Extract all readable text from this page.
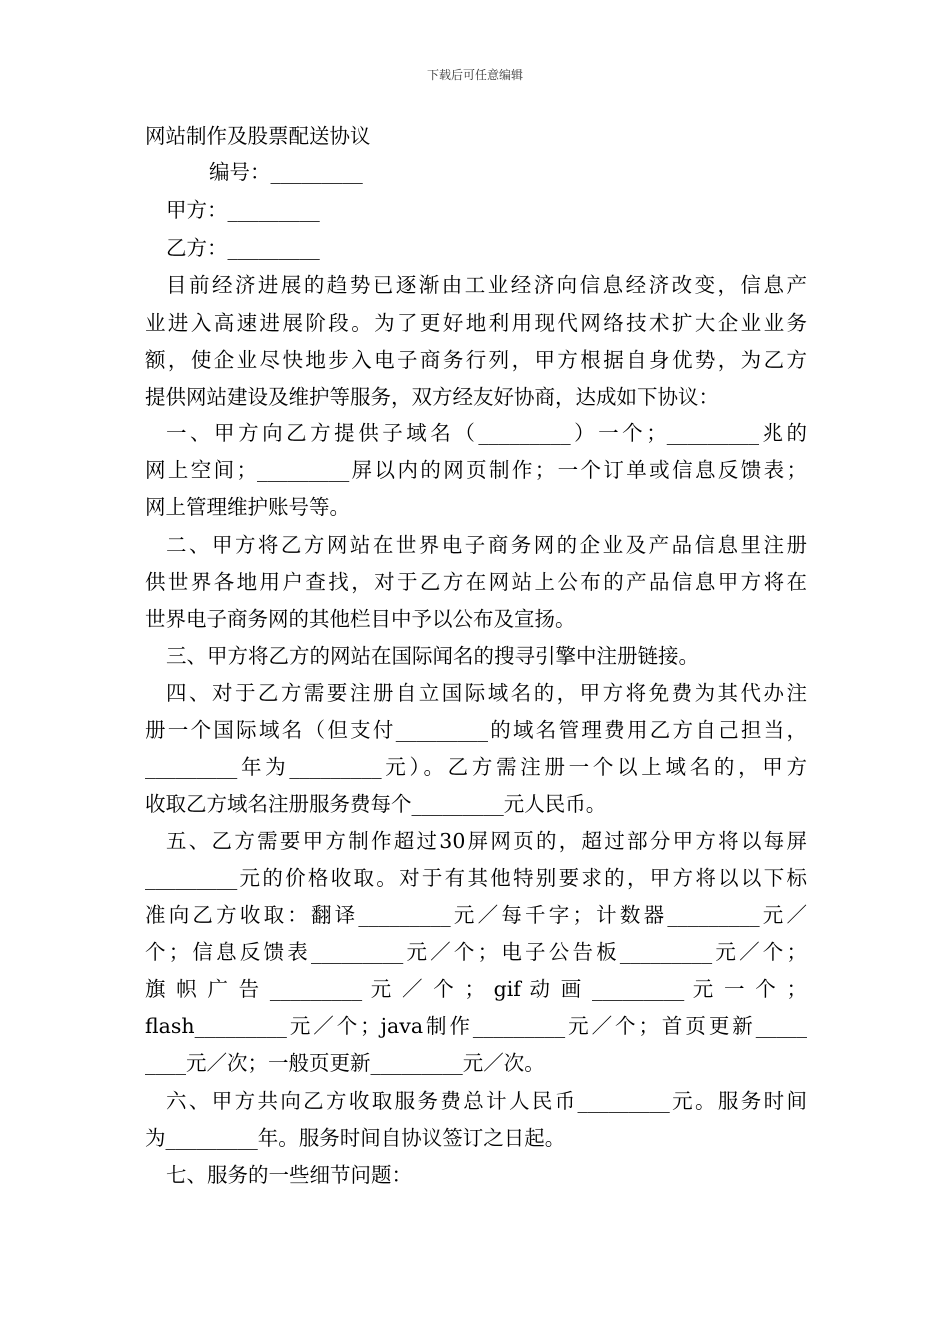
下载后可任意编辑
网站制作及股票配送协议
编号：_________
甲方：_________
乙方：_________
目前经济进展的趋势已逐渐由工业经济向信息经济改变，信息产
业进入高速进展阶段。为了更好地利用现代网络技术扩大企业业务
额，使企业尽快地步入电子商务行列，甲方根据自身优势，为乙方
提供网站建设及维护等服务，双方经友好协商，达成如下协议：
一、甲方向乙方提供子域名（_________）一个；_________兆的
网上空间；_________屏以内的网页制作；一个订单或信息反馈表；
网上管理维护账号等。
二、甲方将乙方网站在世界电子商务网的企业及产品信息里注册
供世界各地用户查找，对于乙方在网站上公布的产品信息甲方将在
世界电子商务网的其他栏目中予以公布及宣扬。
三、甲方将乙方的网站在国际闻名的搜寻引擎中注册链接。
四、对于乙方需要注册自立国际域名的，甲方将免费为其代办注
册一个国际域名（但支付_________的域名管理费用乙方自己担当，
_________年为_________元）。乙方需注册一个以上域名的，甲方
收取乙方域名注册服务费每个_________元人民币。
五、乙方需要甲方制作超过30屏网页的，超过部分甲方将以每屏
_________元的价格收取。对于有其他特别要求的，甲方将以以下标
准向乙方收取：翻译_________元／每千字；计数器_________元／
个；信息反馈表_________元／个；电子公告板_________元／个；
旗 帜 广 告 _________ 元 ／ 个 ； gif 动 画 _________ 元 一 个 ；
flash_________元／个；java制作_________元／个；首页更新_____
____元／次；一般页更新_________元／次。
六、甲方共向乙方收取服务费总计人民币_________元。服务时间
为_________年。服务时间自协议签订之日起。
七、服务的一些细节问题：
